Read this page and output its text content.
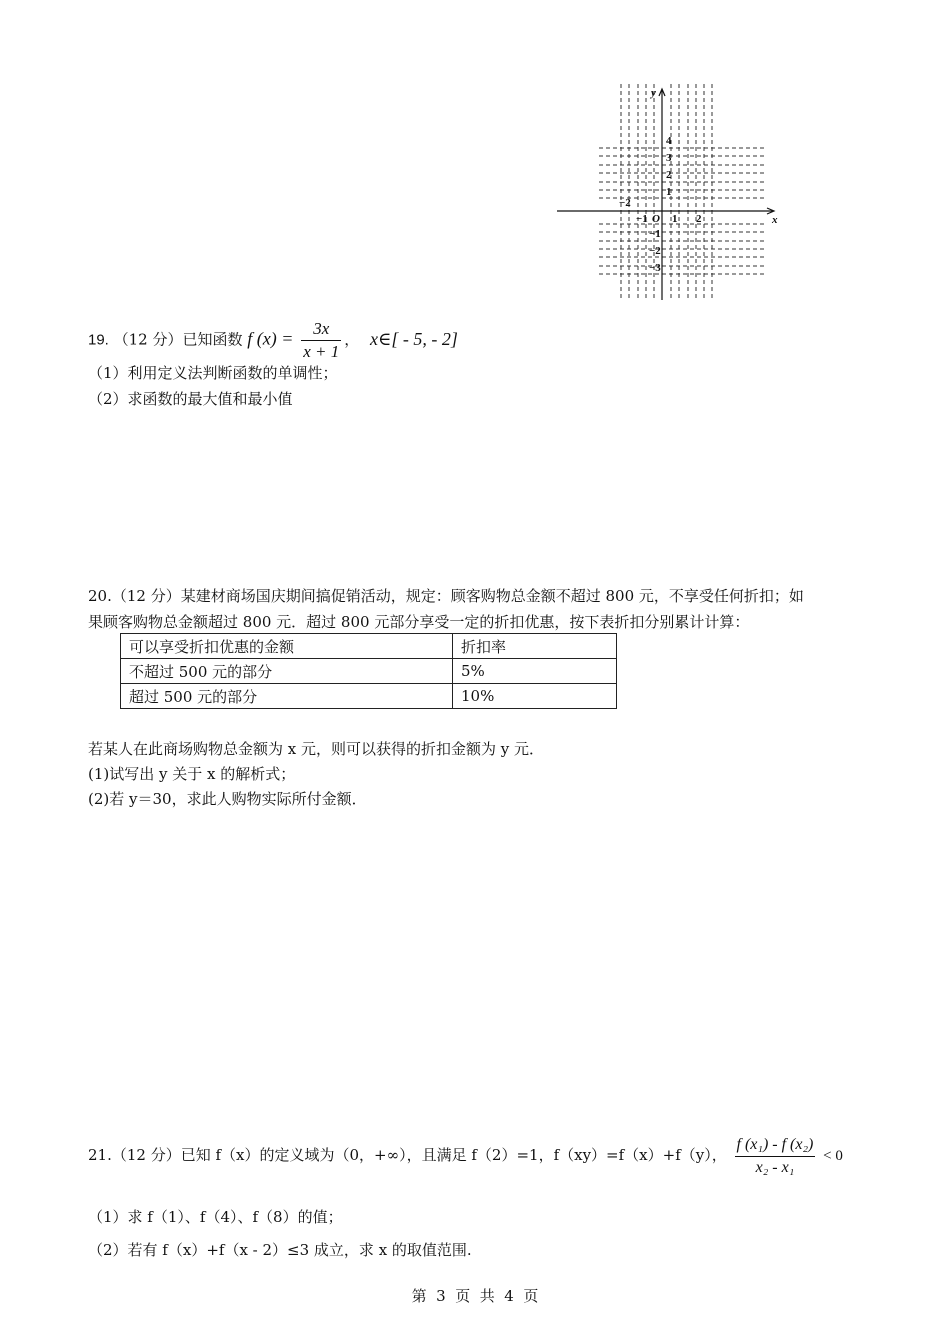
x
y
O
4
3
2
1
−1
−2
−3
−2
−1 1 2
19. （12 分）已知函数 f $(x) = \frac{3x}{x + 1}$ ， x∈[ - 5, - 2]
（1）利用定义法判断函数的单调性；
（2）求函数的最大值和最小值
20.（12 分）某建材商场国庆期间搞促销活动，规定：顾客购物总金额不超过 800 元，不享受任何折扣；如
果顾客购物总金额超过 800 元．超过 800 元部分享受一定的折扣优惠，按下表折扣分别累计计算：
可以享受折扣优惠的金额	折扣率
不超过 500 元的部分	5%
超过 500 元的部分	10%
若某人在此商场购物总金额为 x 元，则可以获得的折扣金额为 y 元．
(1)试写出 y 关于 x 的解析式；
(2)若 y＝30，求此人购物实际所付金额．
21.（12 分）已知 f（x）的定义域为（0，+∞），且满足 f（2）=1，f（xy）=f（x）+f（y）， $\frac{\text{f (x₁) - f (x₂)}}{\text{x₂ - x₁}} < 0$
（1）求 f（1）、f（4）、f（8）的值；
（2）若有 f（x）+f（x - 2）≤3 成立，求 x 的取值范围.
第  3  页  共  4  页
